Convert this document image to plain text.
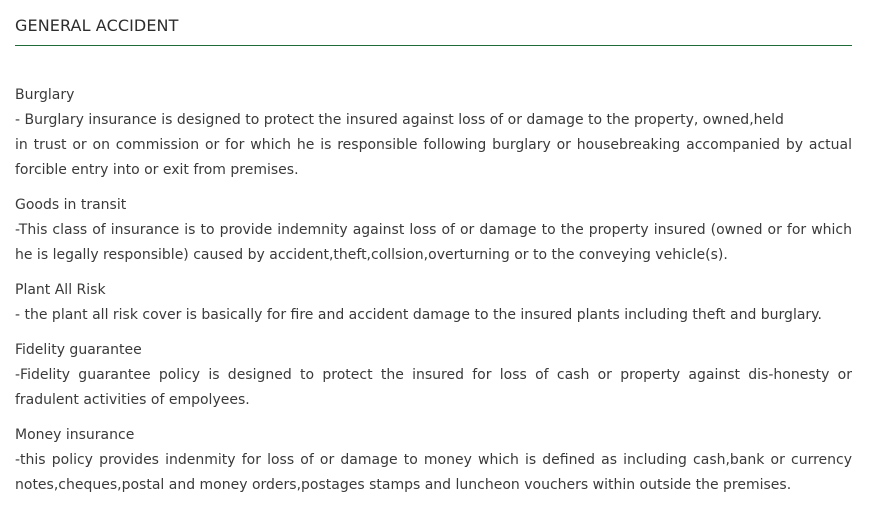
GENERAL ACCIDENT

Burglary

- Burglary insurance is designed to protect the insured against loss of or damage to the property, owned,held

in trust or on commission or for which he is responsible following burglary or housebreaking accompanied by actual forcible entry into or exit from premises.

Goods in transit

-This class of insurance is to provide indemnity against loss of or damage to the property insured (owned or for which he is legally responsible) caused by accident,theft,collsion,overturning or to the conveying vehicle(s).

Plant All Risk

- the plant all risk cover is basically for fire and accident damage to the insured plants including theft and burglary.

Fidelity guarantee

-Fidelity guarantee policy is designed to protect the insured for loss of cash or property against dis-honesty or fradulent activities of empolyees.

Money insurance

-this policy provides indenmity for loss of or damage to money which is defined as including cash,bank or currency notes,cheques,postal and money orders,postages stamps and luncheon vouchers within outside the premises.
